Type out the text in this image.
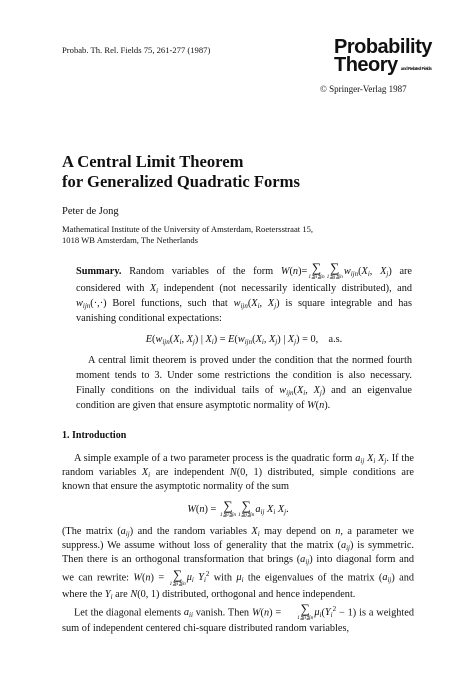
Probab. Th. Rel. Fields 75, 261-277 (1987)	Probability
Theory and Related Fields
© Springer-Verlag 1987
A Central Limit Theorem
for Generalized Quadratic Forms
Peter de Jong
Mathematical Institute of the University of Amsterdam, Roetersstraat 15,
1018 WB Amsterdam, The Netherlands
Summary. Random variables of the form W(n)= ∑
1≦i≦n
∑
1≦j≦n
$w_{ijn}(X_i$, $X_j$) are considered with $X_i$ independent (not necessarily identically distributed), and $w_{ijn}(\cdot,\cdot)$ Borel functions, such that $w_{ijn}(X_i$, $X_j$) is square integrable and has vanishing conditional expectations:
$E(w_{ijn}(X_i$, $X_j$) | $X_i) = E(w_{ijn}(X_i$, $X_j$) | $X_j) = 0$,    a.s.
A central limit theorem is proved under the condition that the normed fourth moment tends to 3. Under some restrictions the condition is also necessary. Finally conditions on the individual tails of $w_{ijn}(X_i$, $X_j$) and an eigenvalue condition are given that ensure asymptotic normality of W(n).
1. Introduction

A simple example of a two parameter process is the quadratic form $a_{ij}$ $X_i$ $X_j$. If the random variables $X_i$ are independent N(0, 1) distributed, simple conditions are known that ensure the asymptotic normality of the sum

W(n) = ∑
1≦i≦n
∑
1≦j≦n
$a_{ij}$ $X_i$ $X_j$.

(The matrix $(a_{ij})$ and the random variables $X_i$ may depend on n, a parameter we suppress.) We assume without loss of generality that the matrix $(a_{ij})$ is symmetric. Then there is an orthogonal transformation that brings $(a_{ij})$ into diagonal form and we can rewrite: W(n) = ∑
1≦i≦n
$\mu_i$ $Y_i^2$ with $\mu_i$ the eigenvalues of the matrix $(a_{ij})$ and where the $Y_i$ are N(0, 1) distributed, orthogonal and hence independent.

Let the diagonal elements $a_{ii}$ vanish. Then W(n) =	∑
1≦i≦n
$\mu_i(Y_i^2 - 1)$ is a weighted sum of independent centered chi-square distributed random variables,
